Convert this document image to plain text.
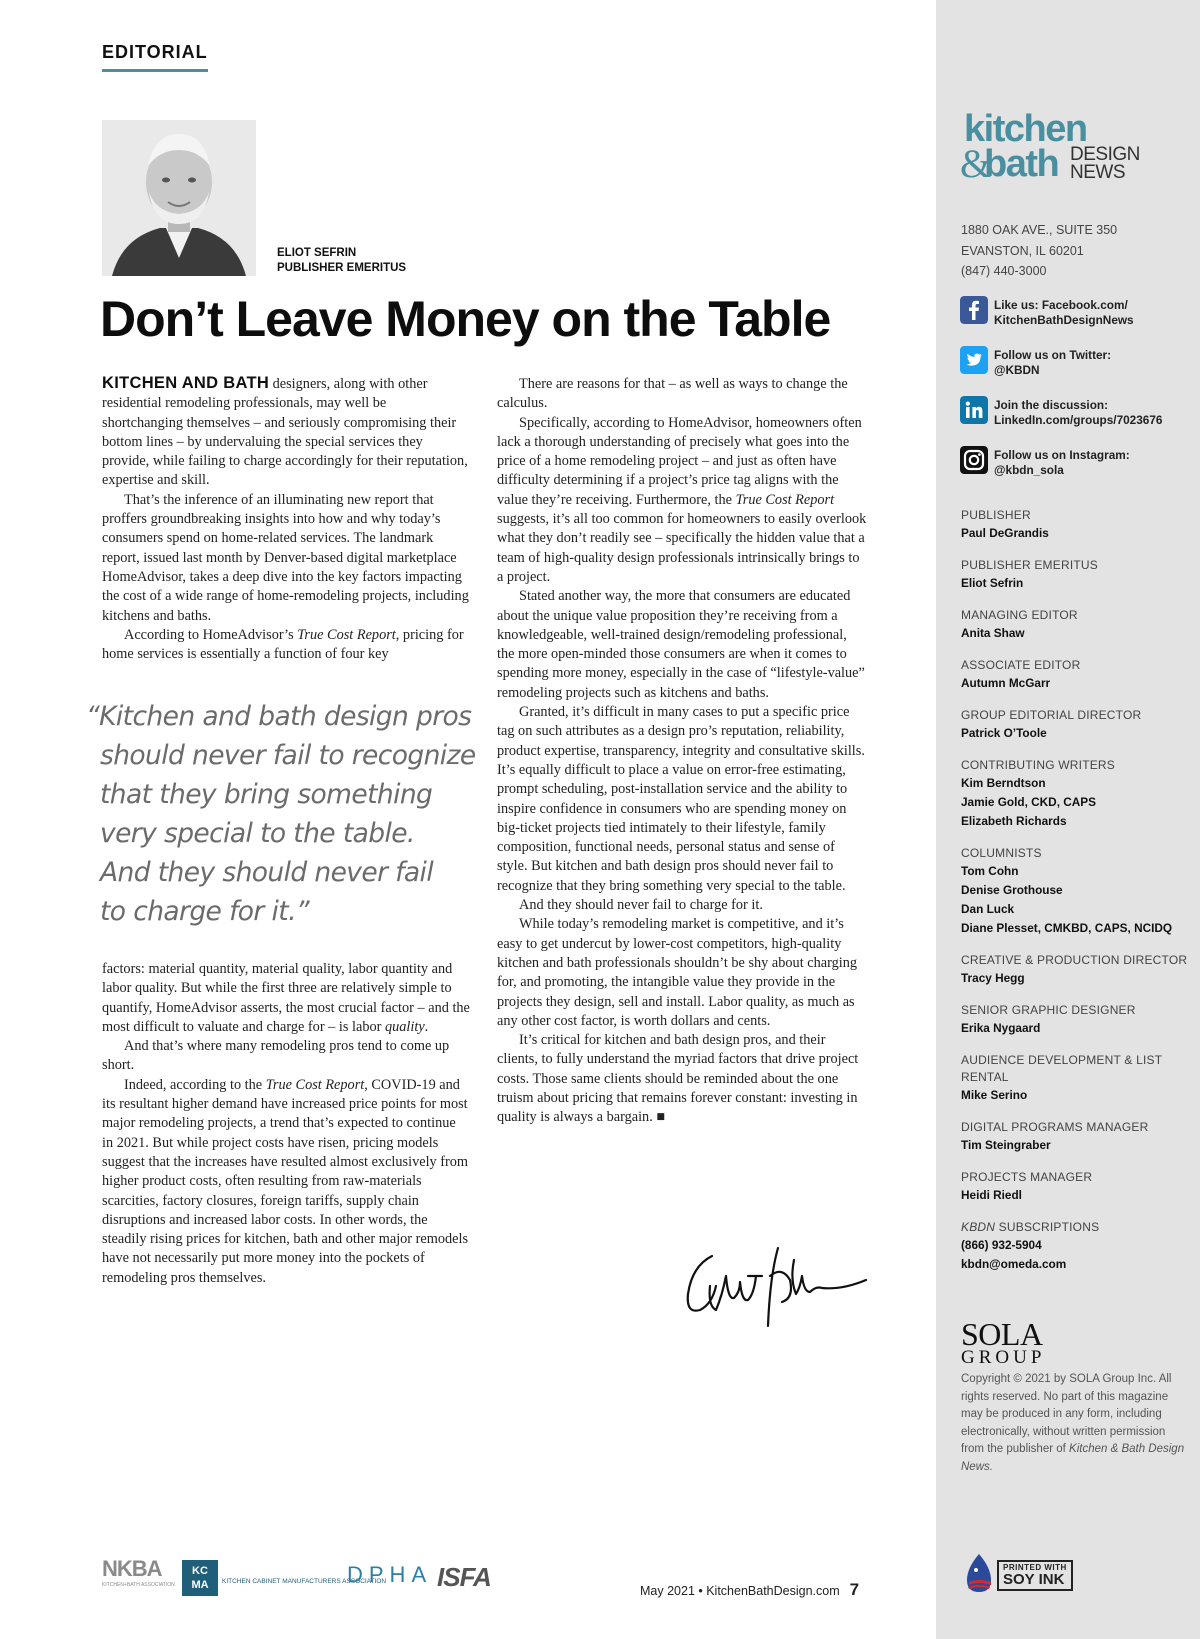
EDITORIAL
ELIOT SEFRIN
PUBLISHER EMERITUS
Don’t Leave Money on the Table

KITCHEN AND BATH designers, along with other residential remodeling professionals, may well be shortchanging themselves – and seriously compromising their bottom lines – by undervaluing the special services they provide, while failing to charge accordingly for their reputation, expertise and skill.

That’s the inference of an illuminating new report that proffers groundbreaking insights into how and why today’s consumers spend on home-related services. The landmark report, issued last month by Denver-based digital marketplace HomeAdvisor, takes a deep dive into the key factors impacting the cost of a wide range of home-remodeling projects, including kitchens and baths.

According to HomeAdvisor’s True Cost Report, pricing for home services is essentially a function of four key

“Kitchen and bath design pros
should never fail to recognize
that they bring something
very special to the table.
And they should never fail
to charge for it.”

factors: material quantity, material quality, labor quantity and labor quality. But while the first three are relatively simple to quantify, HomeAdvisor asserts, the most crucial factor – and the most difficult to valuate and charge for – is labor quality.

And that’s where many remodeling pros tend to come up short.

Indeed, according to the True Cost Report, COVID-19 and its resultant higher demand have increased price points for most major remodeling projects, a trend that’s expected to continue in 2021. But while project costs have risen, pricing models suggest that the increases have resulted almost exclusively from higher product costs, often resulting from raw-materials scarcities, factory closures, foreign tariffs, supply chain disruptions and increased labor costs. In other words, the steadily rising prices for kitchen, bath and other major remodels have not necessarily put more money into the pockets of remodeling pros themselves.

There are reasons for that – as well as ways to change the calculus.

Specifically, according to HomeAdvisor, homeowners often lack a thorough understanding of precisely what goes into the price of a home remodeling project – and just as often have difficulty determining if a project’s price tag aligns with the value they’re receiving. Furthermore, the True Cost Report suggests, it’s all too common for homeowners to easily overlook what they don’t readily see – specifically the hidden value that a team of high-quality design professionals intrinsically brings to a project.

Stated another way, the more that consumers are educated about the unique value proposition they’re receiving from a knowledgeable, well-trained design/remodeling professional, the more open-minded those consumers are when it comes to spending more money, especially in the case of “lifestyle-value” remodeling projects such as kitchens and baths.

Granted, it’s difficult in many cases to put a specific price tag on such attributes as a design pro’s reputation, reliability, product expertise, transparency, integrity and consultative skills. It’s equally difficult to place a value on error-free estimating, prompt scheduling, post-installation service and the ability to inspire confidence in consumers who are spending money on big-ticket projects tied intimately to their lifestyle, family composition, functional needs, personal status and sense of style. But kitchen and bath design pros should never fail to recognize that they bring something very special to the table.

And they should never fail to charge for it.

While today’s remodeling market is competitive, and it’s easy to get undercut by lower-cost competitors, high-quality kitchen and bath professionals shouldn’t be shy about charging for, and promoting, the intangible value they provide in the projects they design, sell and install. Labor quality, as much as any other cost factor, is worth dollars and cents.

It’s critical for kitchen and bath design pros, and their clients, to fully understand the myriad factors that drive project costs. Those same clients should be reminded about the one truism about pricing that remains forever constant: investing in quality is always a bargain. ■

NKBA
KITCHEN+BATH ASSOCIATION
KC
MA	KITCHEN CABINET MANUFACTURERS ASSOCIATION
DPHA ISFA	May 2021 • KitchenBathDesign.com 7
kitchen
&
bath DESIGN
NEWS
1880 OAK AVE., SUITE 350
EVANSTON, IL 60201
(847) 440-3000
Like us: Facebook.com/
KitchenBathDesignNews
Follow us on Twitter:
@KBDN
Join the discussion:
LinkedIn.com/groups/7023676
Follow us on Instagram:
@kbdn_sola
PUBLISHER
Paul DeGrandis
PUBLISHER EMERITUS
Eliot Sefrin
MANAGING EDITOR
Anita Shaw
ASSOCIATE EDITOR
Autumn McGarr
GROUP EDITORIAL DIRECTOR
Patrick O’Toole
CONTRIBUTING WRITERS
Kim Berndtson
Jamie Gold, CKD, CAPS
Elizabeth Richards
COLUMNISTS
Tom Cohn
Denise Grothouse
Dan Luck
Diane Plesset, CMKBD, CAPS, NCIDQ
CREATIVE & PRODUCTION DIRECTOR
Tracy Hegg
SENIOR GRAPHIC DESIGNER
Erika Nygaard
AUDIENCE DEVELOPMENT & LIST RENTAL
Mike Serino
DIGITAL PROGRAMS MANAGER
Tim Steingraber
PROJECTS MANAGER
Heidi Riedl
KBDN SUBSCRIPTIONS
(866) 932-5904
kbdn@omeda.com
SOLA
GROUP
Copyright © 2021 by SOLA Group Inc. All rights reserved. No part of this magazine may be produced in any form, including electronically, without written permission from the publisher of Kitchen & Bath Design News.
PRINTED WITH
SOY INK
